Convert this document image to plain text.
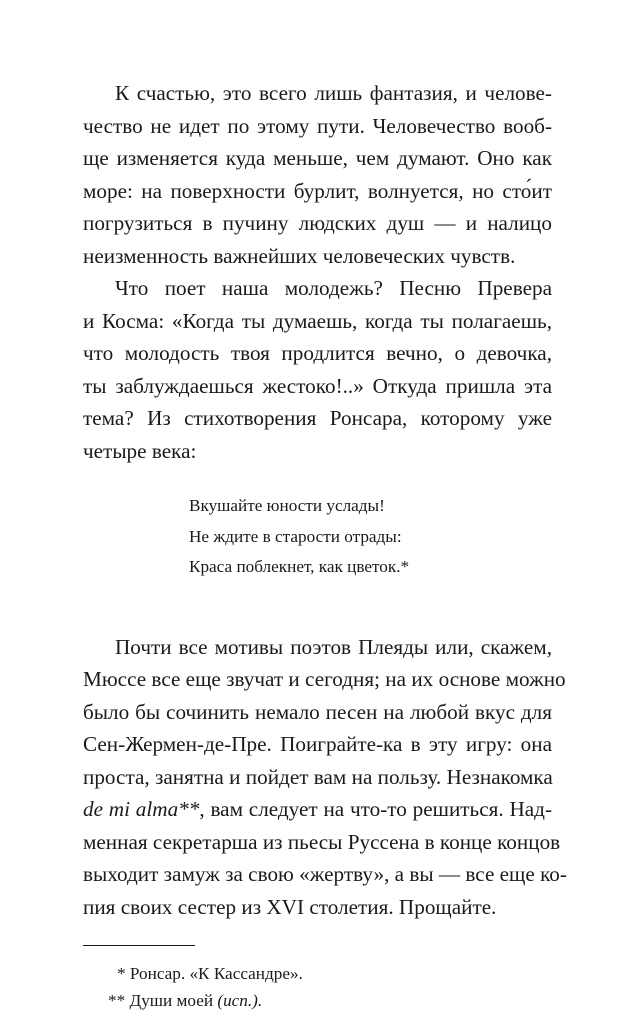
К счастью, это всего лишь фантазия, и челове-
чество не идет по этому пути. Человечество вооб-
ще изменяется куда меньше, чем думают. Оно как
море: на поверхности бурлит, волнуется, но сто́ит
погрузиться в пучину людских душ — и налицо
неизменность важнейших человеческих чувств.

Что поет наша молодежь? Песню Превера
и Косма: «Когда ты думаешь, когда ты полагаешь,
что молодость твоя продлится вечно, о девочка,
ты заблуждаешься жестоко!..» Откуда пришла эта
тема? Из стихотворения Ронсара, которому уже
четыре века:

Вкушайте юности услады!
Не ждите в старости отрады:
Краса поблекнет, как цветок.*

Почти все мотивы поэтов Плеяды или, скажем,
Мюссе все еще звучат и сегодня; на их основе можно
было бы сочинить немало песен на любой вкус для
Сен-Жермен-де-Пре. Поиграйте-ка в эту игру: она
проста, занятна и пойдет вам на пользу. Незнакомка
de mi alma**, вам следует на что-то решиться. Над-
менная секретарша из пьесы Руссена в конце концов
выходит замуж за свою «жертву», а вы — все еще ко-
пия своих сестер из XVI столетия. Прощайте.

* Ронсар. «К Кассандре».
** Души моей (исп.).
